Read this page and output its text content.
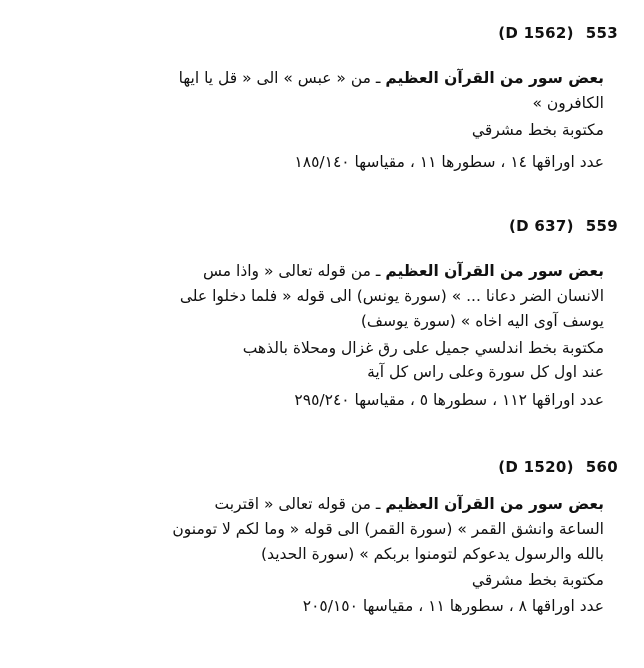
(D 1562) 553
بعض سور من القرآن العظيم ـ من « عبس » الى « قل يا ايها
الكافرون »
مكتوبة بخط مشرقي
عدد اوراقها ١٤ ، سطورها ١١ ، مقياسها ١٨٥/١٤٠
(D 637) 559
بعض سور من القرآن العظيم ـ من قوله تعالى « واذا مس
الانسان الضر دعانا ... » (سورة يونس) الى قوله « فلما دخلوا على
يوسف آوى اليه اخاه » (سورة يوسف)
مكتوبة بخط اندلسي جميل على رق غزال ومحلاة بالذهب
عند اول كل سورة وعلى راس كل آية
عدد اوراقها ١١٢ ، سطورها ٥ ، مقياسها ٢٩٥/٢٤٠
(D 1520) 560
بعض سور من القرآن العظيم ـ من قوله تعالى « اقتربت
الساعة وانشق القمر » (سورة القمر) الى قوله « وما لكم لا تومنون
بالله والرسول يدعوكم لتومنوا بربكم » (سورة الحديد)
مكتوبة بخط مشرقي
عدد اوراقها ٨ ، سطورها ١١ ، مقياسها ٢٠٥/١٥٠
